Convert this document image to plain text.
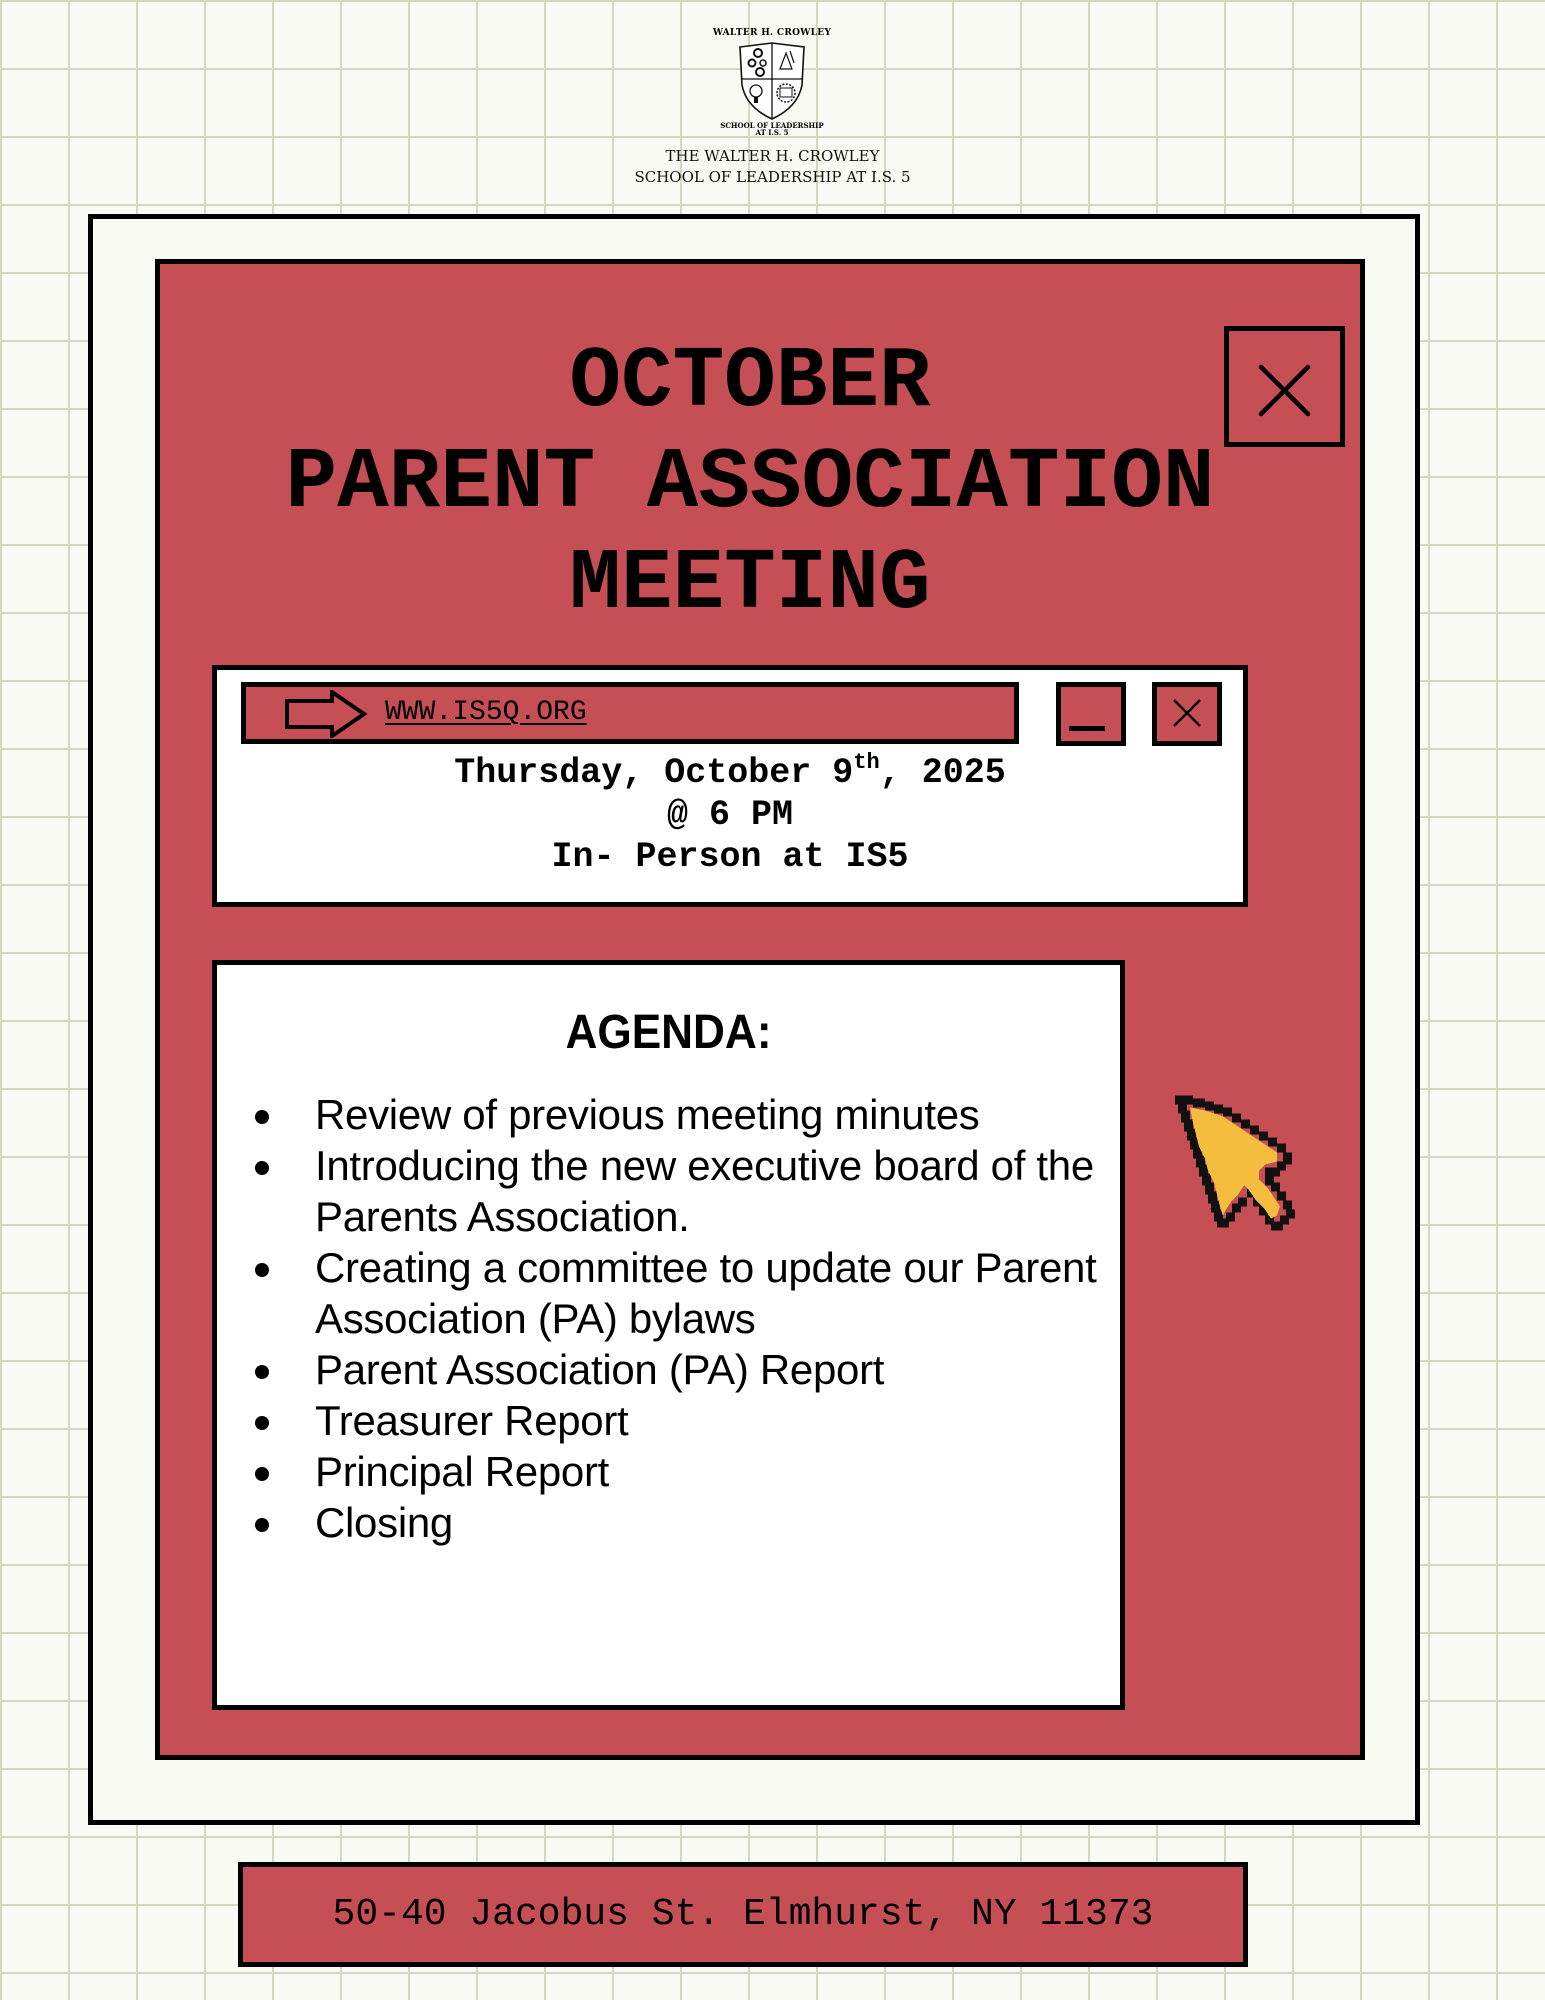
WALTER H. CROWLEY
SCHOOL OF LEADERSHIP
AT I.S. 5
THE WALTER H. CROWLEY
SCHOOL OF LEADERSHIP AT I.S. 5
OCTOBER
PARENT ASSOCIATION
MEETING
WWW.IS5Q.ORG
Thursday, October 9th, 2025
@ 6 PM
In- Person at IS5
AGENDA:
Review of previous meeting minutes
Introducing the new executive board of the Parents Association.
Creating a committee to update our Parent Association (PA) bylaws
Parent Association (PA) Report
Treasurer Report
Principal Report
Closing
50-40 Jacobus St. Elmhurst, NY 11373
